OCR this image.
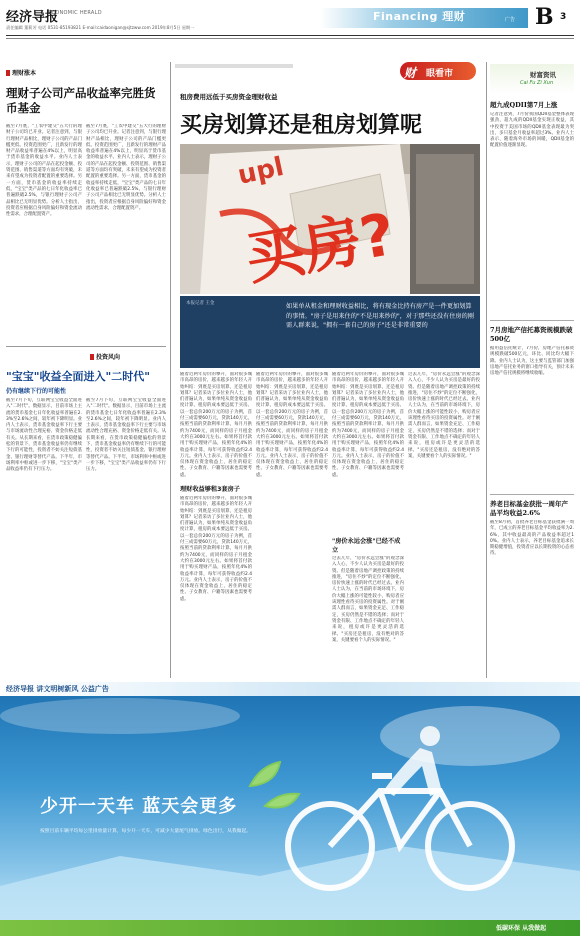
经济导报
ECONOMIC HERALD
责任编辑 董莉芳 电话 0531-85193821 E-mail:caidaonigan@sjtzww.com 2019年8月5日 星期一
Financing 理财	广告 B 3
理财涨本
理财子公司产品收益率完胜货币基金
截至7月底，"工农中建交"五大行的理财子公司均已开业。记者注意到，与银行理财产品相比，理财子公司的产品门槛更低、投资范围更广，且新发行的理财产品收益率普遍在4%以上，明显高于货币基金的收益水平。业内人士表示，理财子公司的产品在起投金额、投资范围、销售渠道等方面均有突破，未来有望成为投资者配置的重要选择。另一方面，货币基金的收益率持续走低，"宝宝"类产品的七日年化收益率已普遍跌破2.5%，与银行理财子公司产品相比已无明显优势。分析人士指出，投资者应根据自身风险偏好和资金流动性需求，合理配置资产。
截至7月底，"工农中建交"五大行的理财子公司均已开业。记者注意到，与银行理财产品相比，理财子公司的产品门槛更低、投资范围更广，且新发行的理财产品收益率普遍在4%以上，明显高于货币基金的收益水平。业内人士表示，理财子公司的产品在起投金额、投资范围、销售渠道等方面均有突破，未来有望成为投资者配置的重要选择。另一方面，货币基金的收益率持续走低，"宝宝"类产品的七日年化收益率已普遍跌破2.5%，与银行理财子公司产品相比已无明显优势。分析人士指出，投资者应根据自身风险偏好和资金流动性需求，合理配置资产。
投资风向
"宝宝"收益全面进入"二时代"
仍有继续下行的可能性
截至7月下旬，互联网宝宝收益全面进入"二时代"。数据显示，目前市场上主流的货币基金七日年化收益率普遍在2.3%至2.6%之间，较年初下降明显。业内人士表示，货币基金收益率下行主要与市场流动性合理充裕、资金价格走低有关。从长期来看，在货币政策稳健偏松的背景下，货币基金收益率仍有继续下行的可能性，投资者不妨关注短债基金、银行理财等替代产品。下半年，市场利率中枢或进一步下移，"宝宝"类产品收益率仍有下行压力。
截至7月下旬，互联网宝宝收益全面进入"二时代"。数据显示，目前市场上主流的货币基金七日年化收益率普遍在2.3%至2.6%之间，较年初下降明显。业内人士表示，货币基金收益率下行主要与市场流动性合理充裕、资金价格走低有关。从长期来看，在货币政策稳健偏松的背景下，货币基金收益率仍有继续下行的可能性，投资者不妨关注短债基金、银行理财等替代产品。下半年，市场利率中枢或进一步下移，"宝宝"类产品收益率仍有下行压力。
眼看市
财
租房费用远低于买房资金理财收益
买房划算还是租房划算呢
upl
买房?
本报记者 王金	如果单从租金和理财收益相比，将有现金比持有房产是一件更加划算的事情。"房子是用来住的"不是用来炒的"，对于那些还没有住房的刚需人群来说，"拥有一套自己的房子"还是非常重要的
随着近两年房价的攀升，面对很多城市高昂的房价，越来越多的年轻人开始纠结：到底是买房划算，还是租房划算？记者采访了多位业内人士，他们普遍认为，如果单纯从资金收益角度计算，租房的成本要远低于买房。以一套总价200万元的房子为例，首付三成需要60万元，贷款140万元，按照当前的贷款利率计算，每月月供约为7400元，而同样的房子月租金大约在3000元左右。如果将首付款用于购买理财产品，按照年化4%的收益率计算，每年可获得收益约2.4万元。业内人士表示，房子的价值不仅体现在资金收益上，居住的稳定性、子女教育、户籍等因素也需要考虑。
理财收益够租3套房子
随着近两年房价的攀升，面对很多城市高昂的房价，越来越多的年轻人开始纠结：到底是买房划算，还是租房划算？记者采访了多位业内人士，他们普遍认为，如果单纯从资金收益角度计算，租房的成本要远低于买房。以一套总价200万元的房子为例，首付三成需要60万元，贷款140万元，按照当前的贷款利率计算，每月月供约为7400元，而同样的房子月租金大约在3000元左右。如果将首付款用于购买理财产品，按照年化4%的收益率计算，每年可获得收益约2.4万元。业内人士表示，房子的价值不仅体现在资金收益上，居住的稳定性、子女教育、户籍等因素也需要考虑。
随着近两年房价的攀升，面对很多城市高昂的房价，越来越多的年轻人开始纠结：到底是买房划算，还是租房划算？记者采访了多位业内人士，他们普遍认为，如果单纯从资金收益角度计算，租房的成本要远低于买房。以一套总价200万元的房子为例，首付三成需要60万元，贷款140万元，按照当前的贷款利率计算，每月月供约为7400元，而同样的房子月租金大约在3000元左右。如果将首付款用于购买理财产品，按照年化4%的收益率计算，每年可获得收益约2.4万元。业内人士表示，房子的价值不仅体现在资金收益上，居住的稳定性、子女教育、户籍等因素也需要考虑。
随着近两年房价的攀升，面对很多城市高昂的房价，越来越多的年轻人开始纠结：到底是买房划算，还是租房划算？记者采访了多位业内人士，他们普遍认为，如果单纯从资金收益角度计算，租房的成本要远低于买房。以一套总价200万元的房子为例，首付三成需要60万元，贷款140万元，按照当前的贷款利率计算，每月月供约为7400元，而同样的房子月租金大约在3000元左右。如果将首付款用于购买理财产品，按照年化4%的收益率计算，每年可获得收益约2.4万元。业内人士表示，房子的价值不仅体现在资金收益上，居住的稳定性、子女教育、户籍等因素也需要考虑。
"房价永远会涨"已经不成立
过去几年，"房价永远会涨"的观念深入人心，不少人认为买房是最好的投资。但是随着房地产调控政策的持续推进，"房住不炒"的定位不断强化，房价快速上涨的时代已经过去。业内人士认为，在当前的市场环境下，房价大幅上涨的可能性较小，购房者应该理性看待买房的投资属性。对于刚需人群而言，如果资金充足、工作稳定，买房仍然是不错的选择；而对于资金有限、工作地点不确定的年轻人来说，租房或许是更灵活的选择。"买房还是租房，没有绝对的答案，关键要看个人的实际情况。"
过去几年，"房价永远会涨"的观念深入人心，不少人认为买房是最好的投资。但是随着房地产调控政策的持续推进，"房住不炒"的定位不断强化，房价快速上涨的时代已经过去。业内人士认为，在当前的市场环境下，房价大幅上涨的可能性较小，购房者应该理性看待买房的投资属性。对于刚需人群而言，如果资金充足、工作稳定，买房仍然是不错的选择；而对于资金有限、工作地点不确定的年轻人来说，租房或许是更灵活的选择。"买房还是租房，没有绝对的答案，关键要看个人的实际情况。"
财富资讯
Cai Fu Zi Xun
超九成QDII第7月上涨
记者注意到，7月份我国QDII基金整体表现强劲，超九成的QDII基金实现正收益，其中投资于美国市场的QDII基金表现最为突出，多只基金月收益率超过3%。业内人士表示，随着海外市场的回暖，QDII基金的配置价值逐渐显现。
7月房地产信托募资规模跌破500亿
据用益信托统计，7月份，房地产信托募资规模跌破500亿元，环比、同比均大幅下降。业内人士认为，这主要与监管部门加强房地产信托业务的窗口指导有关，预计未来房地产信托规模将继续收缩。
养老目标基金获批一周年产品平均收益2.6%
截至8月初，首批养老目标基金获批满一周年，已成立的养老目标基金平均收益率为2.6%，其中收益最高的产品收益率超过10%。业内人士表示，养老目标基金追求长期稳健增值，投资者应以长期投资的心态看待。
经济导报 讲文明树新风 公益广告
少开一天车 蓝天会更多
按照目前车辆平均每公里排放量计算，每少开一天车，可减少大量尾气排放。绿色出行，从我做起。
低碳环保 从我做起
